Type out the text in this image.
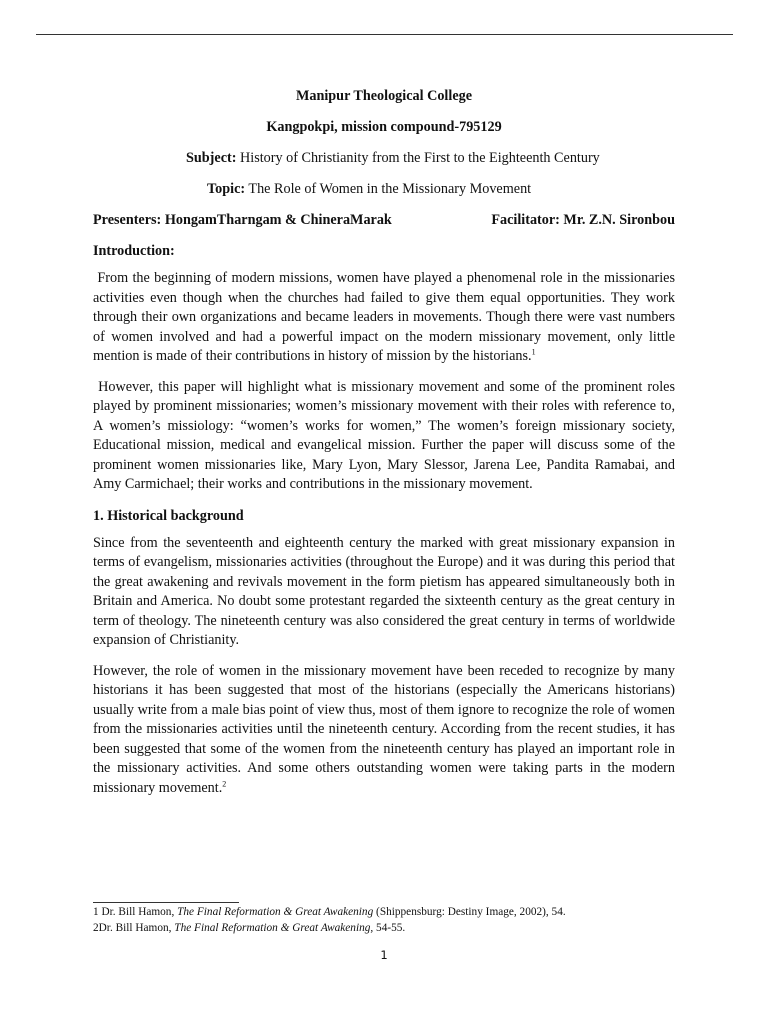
Manipur Theological College

Kangpokpi, mission compound-795129

Subject: History of Christianity from the First to the Eighteenth Century

Topic: The Role of Women in the Missionary Movement

Presenters: HongamTharngam & ChineraMarak	Facilitator: Mr. Z.N. Sironbou

Introduction:

From the beginning of modern missions, women have played a phenomenal role in the missionaries activities even though when the churches had failed to give them equal opportunities. They work through their own organizations and became leaders in movements. Though there were vast numbers of women involved and had a powerful impact on the modern missionary movement, only little mention is made of their contributions in history of mission by the historians.$^1$

However, this paper will highlight what is missionary movement and some of the prominent roles played by prominent missionaries; women’s missionary movement with their roles with reference to, A women’s missiology: “women’s works for women,” The women’s foreign missionary society, Educational mission, medical and evangelical mission. Further the paper will discuss some of the prominent women missionaries like, Mary Lyon, Mary Slessor, Jarena Lee, Pandita Ramabai, and Amy Carmichael; their works and contributions in the missionary movement.

1. Historical background

Since from the seventeenth and eighteenth century the marked with great missionary expansion in terms of evangelism, missionaries activities (throughout the Europe) and it was during this period that the great awakening and revivals movement in the form pietism has appeared simultaneously both in Britain and America. No doubt some protestant regarded the sixteenth century as the great century in term of theology. The nineteenth century was also considered the great century in terms of worldwide expansion of Christianity.

However, the role of women in the missionary movement have been receded to recognize by many historians it has been suggested that most of the historians (especially the Americans historians) usually write from a male bias point of view thus, most of them ignore to recognize the role of women from the missionaries activities until the nineteenth century. According from the recent studies, it has been suggested that some of the women from the nineteenth century has played an important role in the missionary activities. And some others outstanding women were taking parts in the modern missionary movement.$^2$

1 Dr. Bill Hamon, The Final Reformation & Great Awakening (Shippensburg: Destiny Image, 2002), 54.
2Dr. Bill Hamon, The Final Reformation & Great Awakening, 54-55.
1
